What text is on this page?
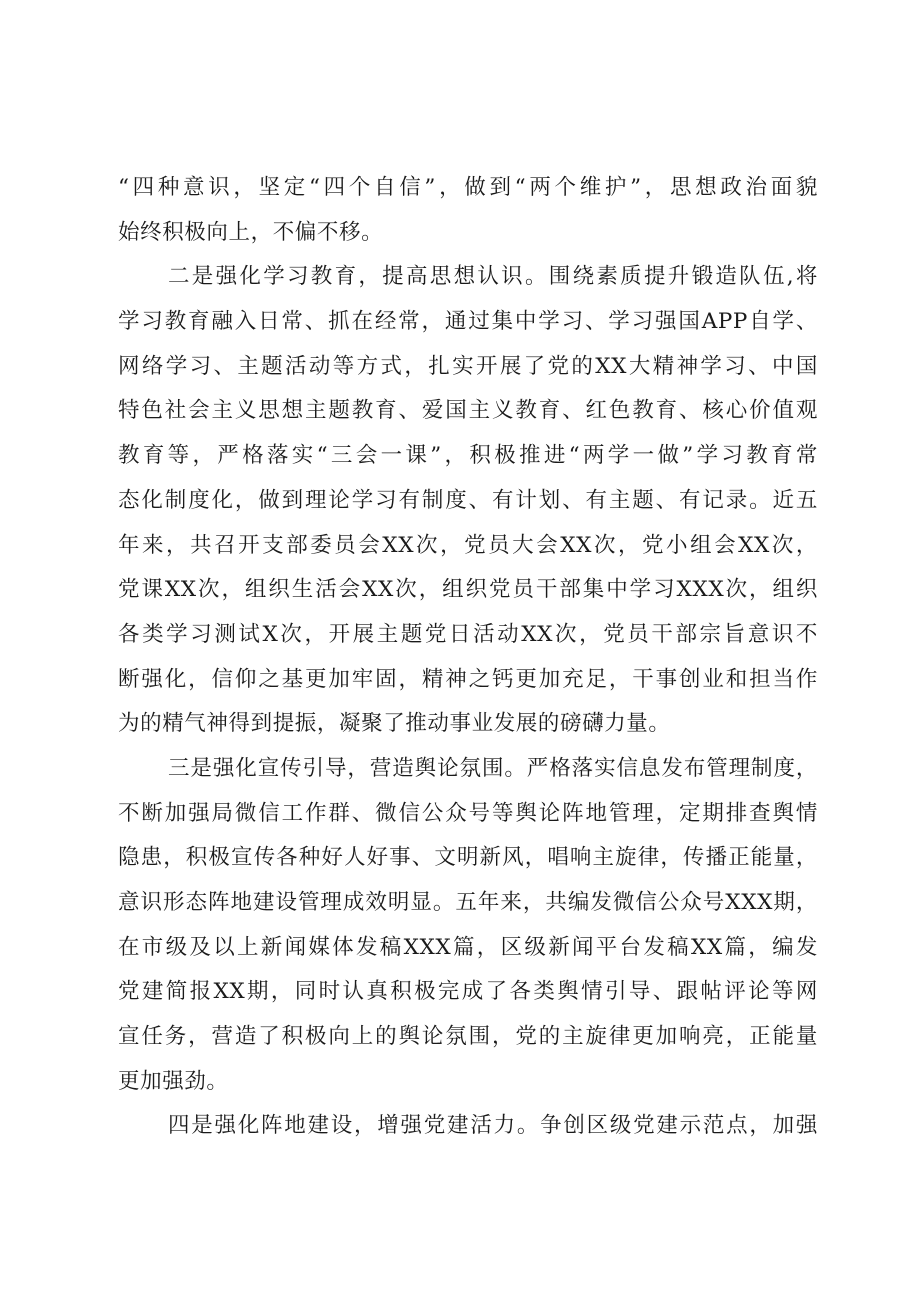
“四种意识，坚定“四个自信”，做到“两个维护”，思想政治面貌
始终积极向上，不偏不移。
二是强化学习教育，提高思想认识。围绕素质提升锻造队伍,将
学习教育融入日常、抓在经常，通过集中学习、学习强国APP自学、
网络学习、主题活动等方式，扎实开展了党的XX大精神学习、中国
特色社会主义思想主题教育、爱国主义教育、红色教育、核心价值观
教育等，严格落实“三会一课”，积极推进“两学一做”学习教育常
态化制度化，做到理论学习有制度、有计划、有主题、有记录。近五
年来，共召开支部委员会XX次，党员大会XX次，党小组会XX次，
党课XX次，组织生活会XX次，组织党员干部集中学习XXX次，组织
各类学习测试X次，开展主题党日活动XX次，党员干部宗旨意识不
断强化，信仰之基更加牢固，精神之钙更加充足，干事创业和担当作
为的精气神得到提振，凝聚了推动事业发展的磅礴力量。
三是强化宣传引导，营造舆论氛围。严格落实信息发布管理制度，
不断加强局微信工作群、微信公众号等舆论阵地管理，定期排查舆情
隐患，积极宣传各种好人好事、文明新风，唱响主旋律，传播正能量，
意识形态阵地建设管理成效明显。五年来，共编发微信公众号XXX期，
在市级及以上新闻媒体发稿XXX篇，区级新闻平台发稿XX篇，编发
党建简报XX期，同时认真积极完成了各类舆情引导、跟帖评论等网
宣任务，营造了积极向上的舆论氛围，党的主旋律更加响亮，正能量
更加强劲。
四是强化阵地建设，增强党建活力。争创区级党建示范点，加强
